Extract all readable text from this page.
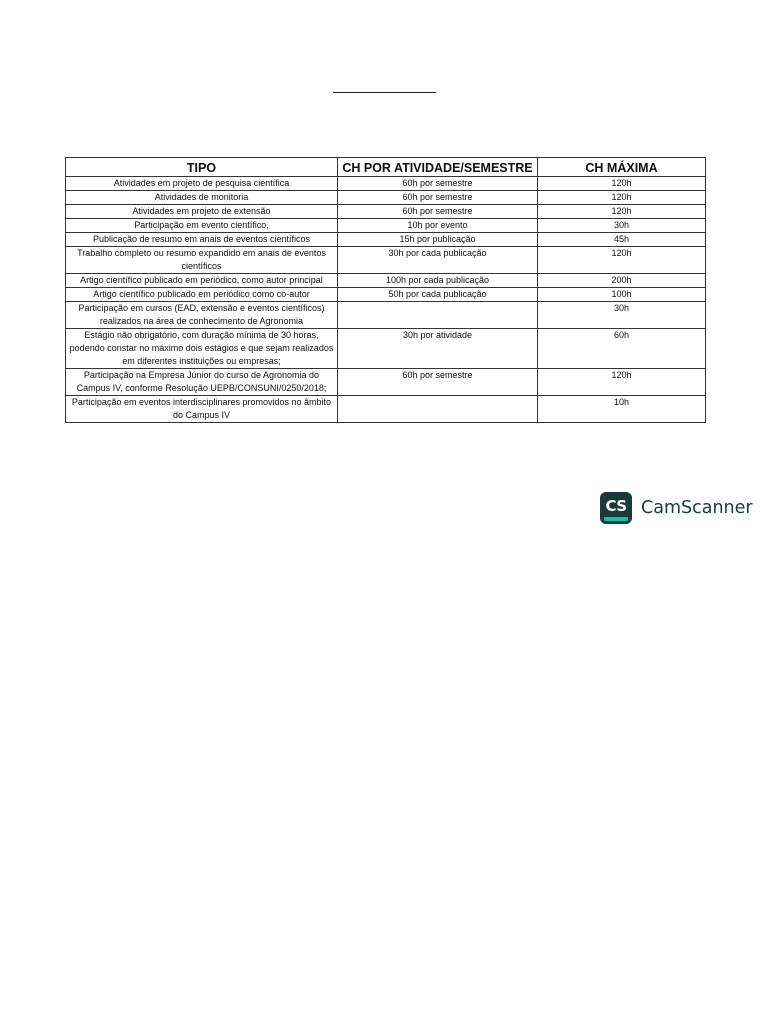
TIPO	CH POR ATIVIDADE/SEMESTRE	CH MÁXIMA
Atividades em projeto de pesquisa científica	60h por semestre	120h
Atividades de monitoria	60h por semestre	120h
Atividades em projeto de extensão	60h por semestre	120h
Participação em evento científico,	10h por evento	30h
Publicação de resumo em anais de eventos científicos	15h por publicação	45h
Trabalho completo ou resumo expandido em anais de eventos científicos	30h por cada publicação	120h
Artigo científico publicado em periódico, como autor principal	100h por cada publicação	200h
Artigo científico publicado em periódico como co-autor	50h por cada publicação	100h
Participação em cursos (EAD, extensão e eventos científicos) realizados na área de conhecimento de Agronomia		30h
Estágio não obrigatório, com duração mínima de 30 horas, podendo constar no máximo dois estágios e que sejam realizados em diferentes instituições ou empresas;	30h por atividade	60h
Participação na Empresa Júnior do curso de Agronomia do Campus IV, conforme Resolução UEPB/CONSUNI/0250/2018;	60h por semestre	120h
Participação em eventos interdisciplinares promovidos no âmbito do Campus IV		10h
CS CamScanner
